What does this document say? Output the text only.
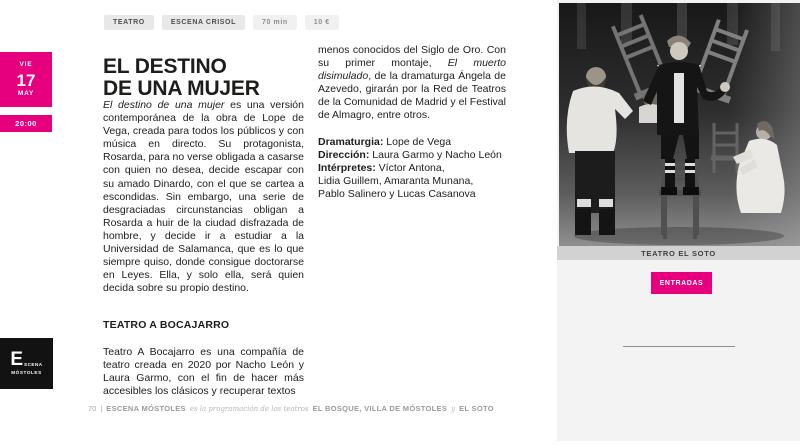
VIE
17
MAY
20:00
TEATRO	ESCENA CRISOL	70 min	10 €
EL DESTINO
DE UNA MUJER

El destino de una mujer es una versión contemporánea de la obra de Lope de Vega, creada para todos los públicos y con música en directo. Su protagonista, Rosarda, para no verse obligada a casarse con quien no desea, decide escapar con su amado Dinardo, con el que se cartea a escondidas. Sin embargo, una serie de desgraciadas circunstancias obligan a Rosarda a huir de la ciudad disfrazada de hombre, y decide ir a estudiar a la Universidad de Salamanca, que es lo que siempre quiso, donde consigue doctorarse en Leyes. Ella, y solo ella, será quien decida sobre su propio destino.

TEATRO A BOCAJARRO

Teatro A Bocajarro es una compañía de teatro creada en 2020 por Nacho León y Laura Garmo, con el fin de hacer más accesibles los clásicos y recuperar textos

menos conocidos del Siglo de Oro. Con su primer montaje, El muerto disimulado, de la dramaturga Ángela de Azevedo, girarán por la Red de Teatros de la Comunidad de Madrid y el Festival de Almagro, entre otros.

Dramaturgia: Lope de Vega
Dirección: Laura Garmo y Nacho León
Intérpretes: Víctor Antona,
Lidia Guillem, Amaranta Munana,
Pablo Salinero y Lucas Casanova
E SCENA
MÓSTOLES
70 | ESCENA MÓSTOLES es la programación de los teatros EL BOSQUE, VILLA DE MÓSTOLES y EL SOTO
TEATRO EL SOTO
ENTRADAS
